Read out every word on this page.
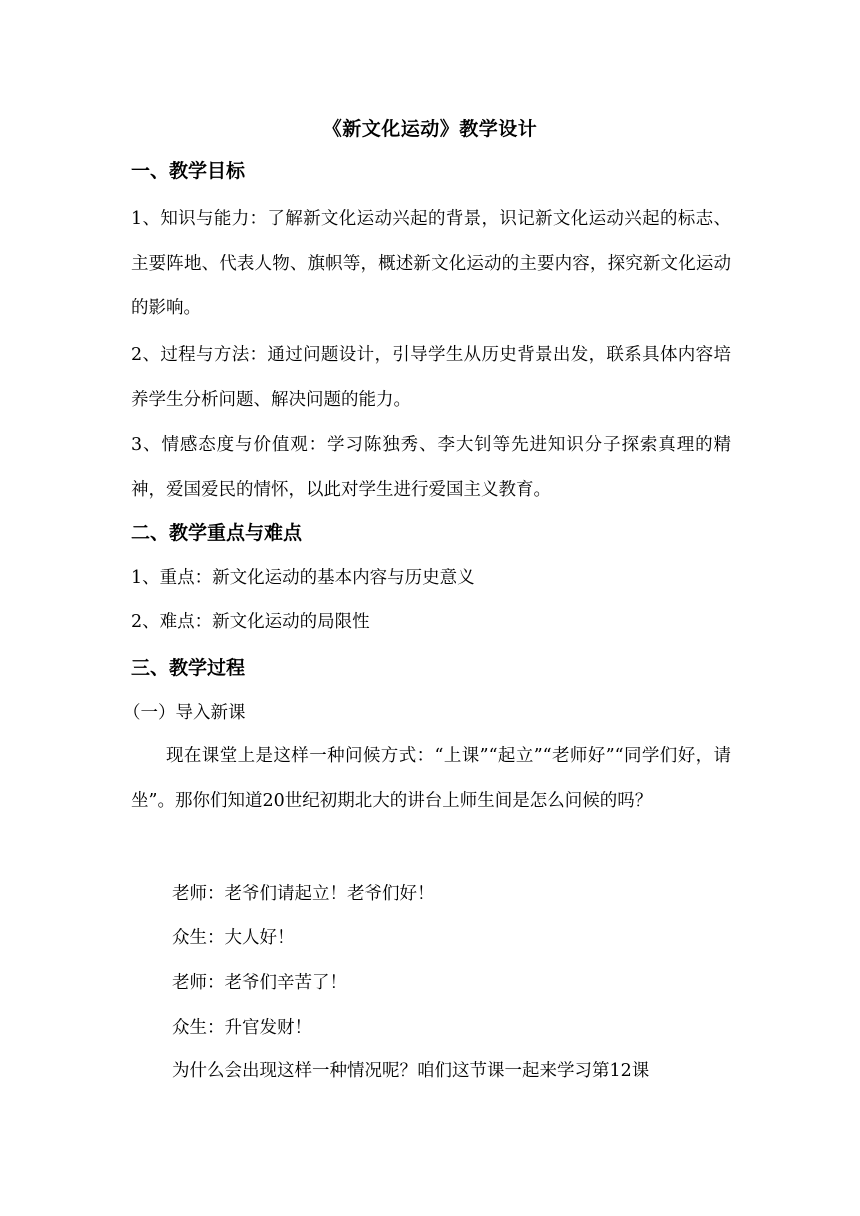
《新文化运动》教学设计
一、教学目标
1、知识与能力：了解新文化运动兴起的背景，识记新文化运动兴起的标志、主要阵地、代表人物、旗帜等，概述新文化运动的主要内容，探究新文化运动的影响。
2、过程与方法：通过问题设计，引导学生从历史背景出发，联系具体内容培养学生分析问题、解决问题的能力。
3、情感态度与价值观：学习陈独秀、李大钊等先进知识分子探索真理的精神，爱国爱民的情怀，以此对学生进行爱国主义教育。
二、教学重点与难点
1、重点：新文化运动的基本内容与历史意义
2、难点：新文化运动的局限性
三、教学过程
（一）导入新课
现在课堂上是这样一种问候方式：“上课”“起立”“老师好”“同学们好，请坐”。那你们知道20世纪初期北大的讲台上师生间是怎么问候的吗？
老师：老爷们请起立！老爷们好！
众生：大人好！
老师：老爷们辛苦了！
众生：升官发财！
为什么会出现这样一种情况呢？咱们这节课一起来学习第12课
